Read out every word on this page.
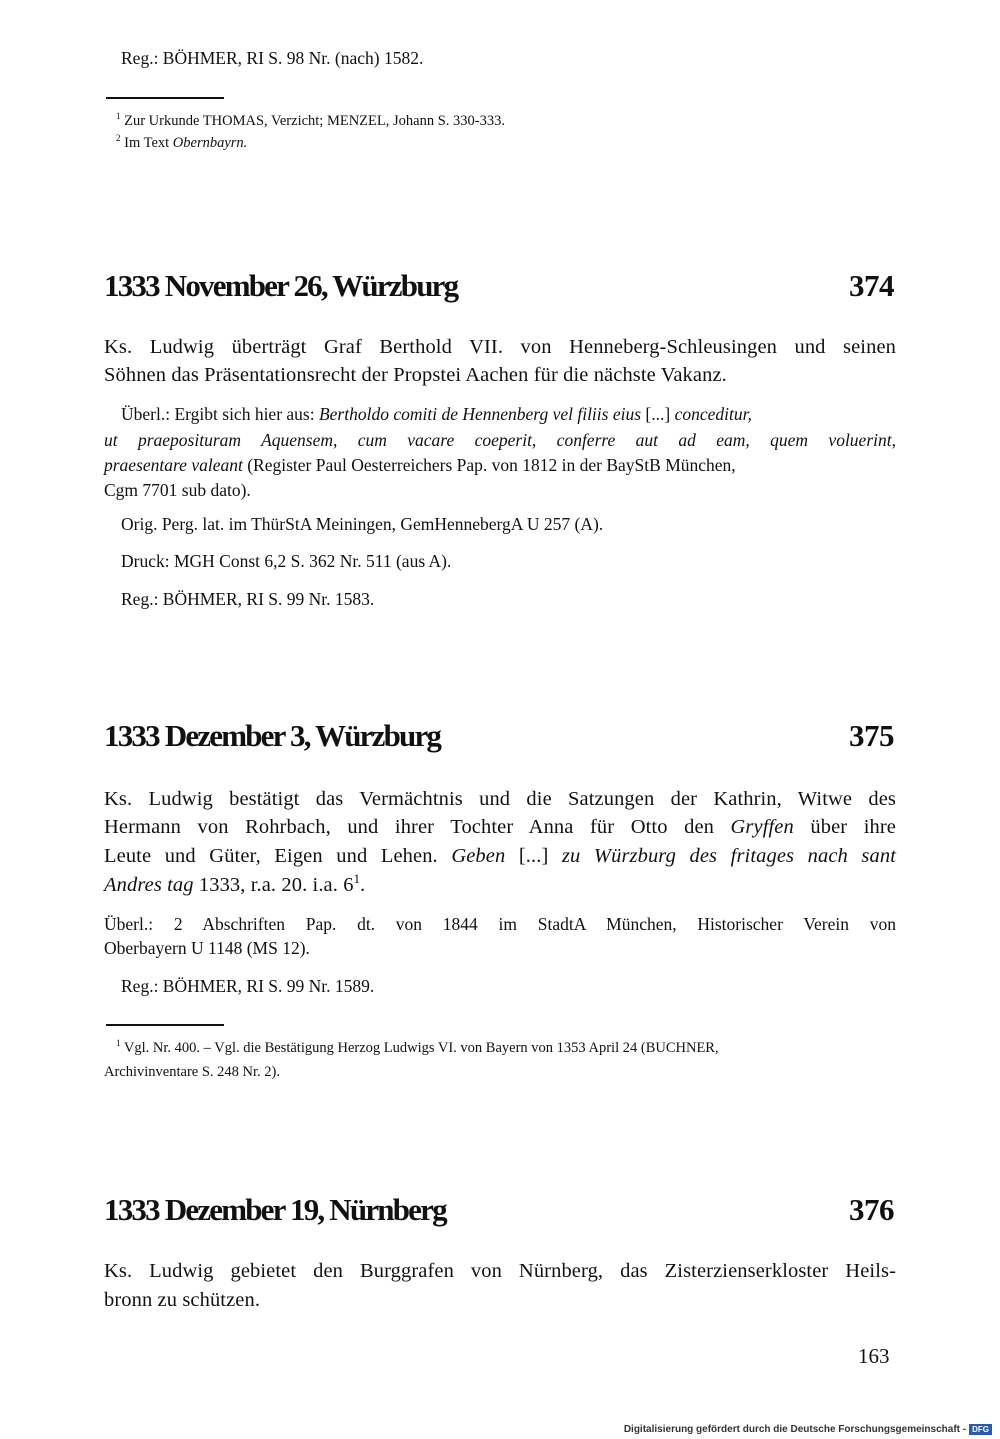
Reg.: BÖHMER, RI S. 98 Nr. (nach) 1582.
$^1$ Zur Urkunde THOMAS, Verzicht; MENZEL, Johann S. 330-333.
$^2$ Im Text Obernbayrn.
1333 November 26, Würzburg	374
Ks. Ludwig überträgt Graf Berthold VII. von Henneberg-Schleusingen und seinen
Söhnen das Präsentationsrecht der Propstei Aachen für die nächste Vakanz.
Überl.: Ergibt sich hier aus: Bertholdo comiti de Hennenberg vel filiis eius [...] conceditur,
ut praeposituram Aquensem, cum vacare coeperit, conferre aut ad eam, quem voluerint,
praesentare valeant (Register Paul Oesterreichers Pap. von 1812 in der BayStB München,
Cgm 7701 sub dato).
Orig. Perg. lat. im ThürStA Meiningen, GemHennebergA U 257 (A).
Druck: MGH Const 6,2 S. 362 Nr. 511 (aus A).
Reg.: BÖHMER, RI S. 99 Nr. 1583.
1333 Dezember 3, Würzburg	375
Ks. Ludwig bestätigt das Vermächtnis und die Satzungen der Kathrin, Witwe des
Hermann von Rohrbach, und ihrer Tochter Anna für Otto den Gryffen über ihre
Leute und Güter, Eigen und Lehen. Geben [...] zu Würzburg des fritages nach sant
Andres tag 1333, r.a. 20. i.a. $6^1$.
Überl.: 2 Abschriften Pap. dt. von 1844 im StadtA München, Historischer Verein von
Oberbayern U 1148 (MS 12).
Reg.: BÖHMER, RI S. 99 Nr. 1589.
$^1$ Vgl. Nr. 400. – Vgl. die Bestätigung Herzog Ludwigs VI. von Bayern von 1353 April 24 (BUCHNER,
Archivinventare S. 248 Nr. 2).
1333 Dezember 19, Nürnberg	376
Ks. Ludwig gebietet den Burggrafen von Nürnberg, das Zisterzienserkloster Heils-
bronn zu schützen.
163
Digitalisierung gefördert durch die Deutsche Forschungsgemeinschaft - DFG
